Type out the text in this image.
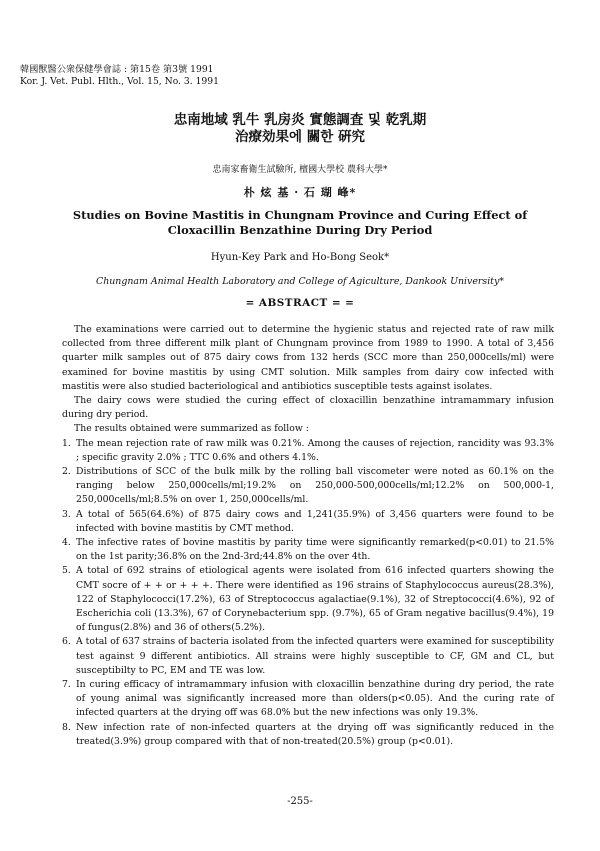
韓國獸醫公衆保健學會誌 : 第15卷 第3號 1991
Kor. J. Vet. Publ. Hlth., Vol. 15, No. 3. 1991
忠南地域 乳牛 乳房炎 實態調査 및 乾乳期
治療効果에 關한 硏究
忠南家畜衛生試驗所, 檀國大學校 農科大學*
朴 炫 基 · 石 瑚 峰*
Studies on Bovine Mastitis in Chungnam Province and Curing Effect of
Cloxacillin Benzathine During Dry Period
Hyun-Key Park and Ho-Bong Seok*
Chungnam Animal Health Laboratory and College of Agiculture, Dankook University*
= ABSTRACT = =

The examinations were carried out to determine the hygienic status and rejected rate of raw milk collected from three different milk plant of Chungnam province from 1989 to 1990. A total of 3,456 quarter milk samples out of 875 dairy cows from 132 herds (SCC more than 250,000cells/ml) were examined for bovine mastitis by using CMT solution. Milk samples from dairy cow infected with mastitis were also studied bacteriological and antibiotics susceptible tests against isolates.

The dairy cows were studied the curing effect of cloxacillin benzathine intramammary infusion during dry period.

The results obtained were summarized as follow :

1. The mean rejection rate of raw milk was 0.21%. Among the causes of rejection, rancidity was 93.3% ; specific gravity 2.0% ; TTC 0.6% and others 4.1%.
2. Distributions of SCC of the bulk milk by the rolling ball viscometer were noted as 60.1% on the ranging below 250,000cells/ml;19.2% on 250,000-500,000cells/ml;12.2% on 500,000-1, 250,000cells/ml;8.5% on over 1, 250,000cells/ml.
3. A total of 565(64.6%) of 875 dairy cows and 1,241(35.9%) of 3,456 quarters were found to be infected with bovine mastitis by CMT method.
4. The infective rates of bovine mastitis by parity time were significantly remarked(p<0.01) to 21.5% on the 1st parity;36.8% on the 2nd-3rd;44.8% on the over 4th.
5. A total of 692 strains of etiological agents were isolated from 616 infected quarters showing the CMT socre of + + or + + +. There were identified as 196 strains of Staphylococcus aureus(28.3%), 122 of Staphylococci(17.2%), 63 of Streptococcus agalactiae(9.1%), 32 of Streptococci(4.6%), 92 of Escherichia coli (13.3%), 67 of Corynebacterium spp. (9.7%), 65 of Gram negative bacillus(9.4%), 19 of fungus(2.8%) and 36 of others(5.2%).
6. A total of 637 strains of bacteria isolated from the infected quarters were examined for susceptibility test against 9 different antibiotics. All strains were highly susceptible to CF, GM and CL, but susceptibilty to PC, EM and TE was low.
7. In curing efficacy of intramammary infusion with cloxacillin benzathine during dry period, the rate of young animal was significantly increased more than olders(p<0.05). And the curing rate of infected quarters at the drying off was 68.0% but the new infections was only 19.3%.
8. New infection rate of non-infected quarters at the drying off was significantly reduced in the treated(3.9%) group compared with that of non-treated(20.5%) group (p<0.01).
-255-
